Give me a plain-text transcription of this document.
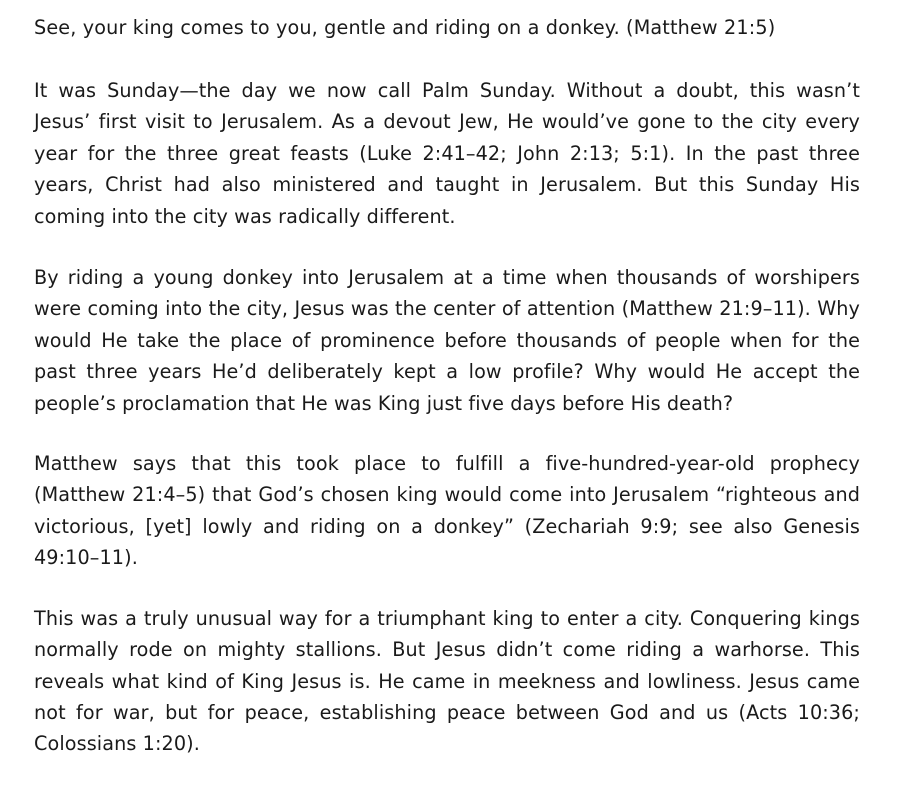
See, your king comes to you, gentle and riding on a donkey. (Matthew 21:5)

It was Sunday—the day we now call Palm Sunday. Without a doubt, this wasn’t Jesus’ first visit to Jerusalem. As a devout Jew, He would’ve gone to the city every year for the three great feasts (Luke 2:41–42; John 2:13; 5:1). In the past three years, Christ had also ministered and taught in Jerusalem. But this Sunday His coming into the city was radically different.

By riding a young donkey into Jerusalem at a time when thousands of worshipers were coming into the city, Jesus was the center of attention (Matthew 21:9–11). Why would He take the place of prominence before thousands of people when for the past three years He’d deliberately kept a low profile? Why would He accept the people’s proclamation that He was King just five days before His death?

Matthew says that this took place to fulfill a five-hundred-year-old prophecy (Matthew 21:4–5) that God’s chosen king would come into Jerusalem “righteous and victorious, [yet] lowly and riding on a donkey” (Zechariah 9:9; see also Genesis 49:10–11).

This was a truly unusual way for a triumphant king to enter a city. Conquering kings normally rode on mighty stallions. But Jesus didn’t come riding a warhorse. This reveals what kind of King Jesus is. He came in meekness and lowliness. Jesus came not for war, but for peace, establishing peace between God and us (Acts 10:36; Colossians 1:20).
